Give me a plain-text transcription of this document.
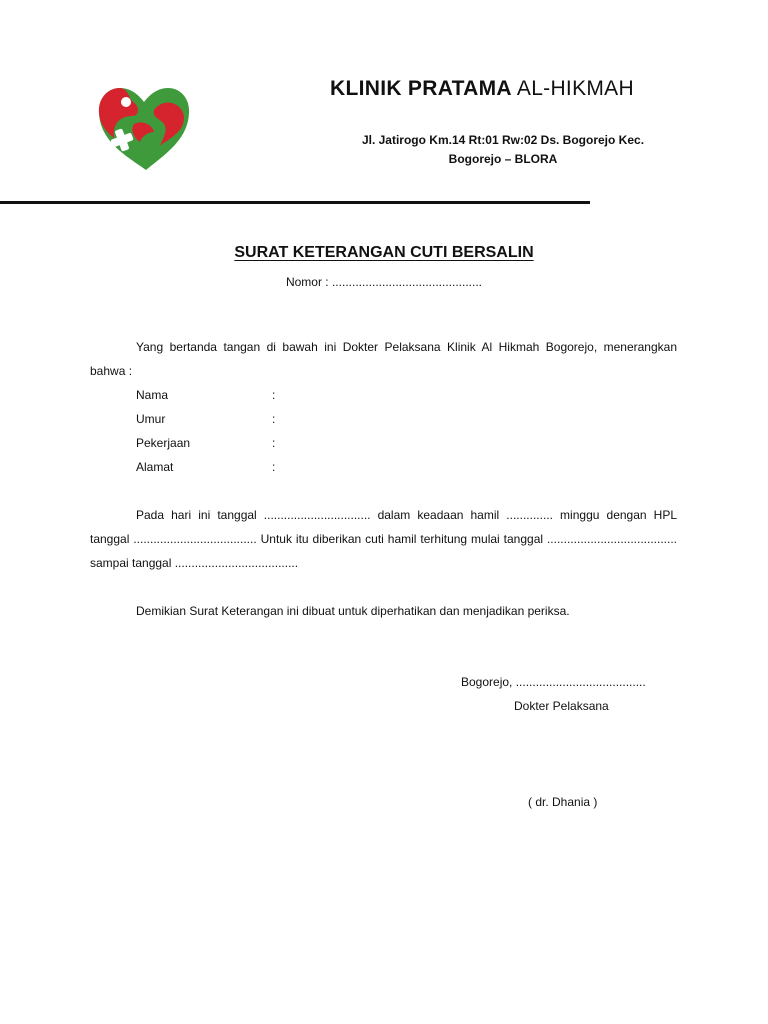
KLINIK PRATAMA AL-HIKMAH
Jl. Jatirogo Km.14 Rt:01 Rw:02 Ds. Bogorejo Kec.
Bogorejo – BLORA
SURAT KETERANGAN CUTI BERSALIN
Nomor : .............................................
Yang bertanda tangan di bawah ini Dokter Pelaksana Klinik Al Hikmah Bogorejo, menerangkan bahwa :
Nama	:
Umur	:
Pekerjaan	:
Alamat	:
Pada hari ini tanggal ................................ dalam keadaan hamil .............. minggu dengan HPL tanggal ..................................... Untuk itu diberikan cuti hamil terhitung mulai tanggal ....................................... sampai tanggal .....................................
Demikian Surat Keterangan ini dibuat untuk diperhatikan dan menjadikan periksa.
Bogorejo, .......................................
Dokter Pelaksana
( dr. Dhania )
